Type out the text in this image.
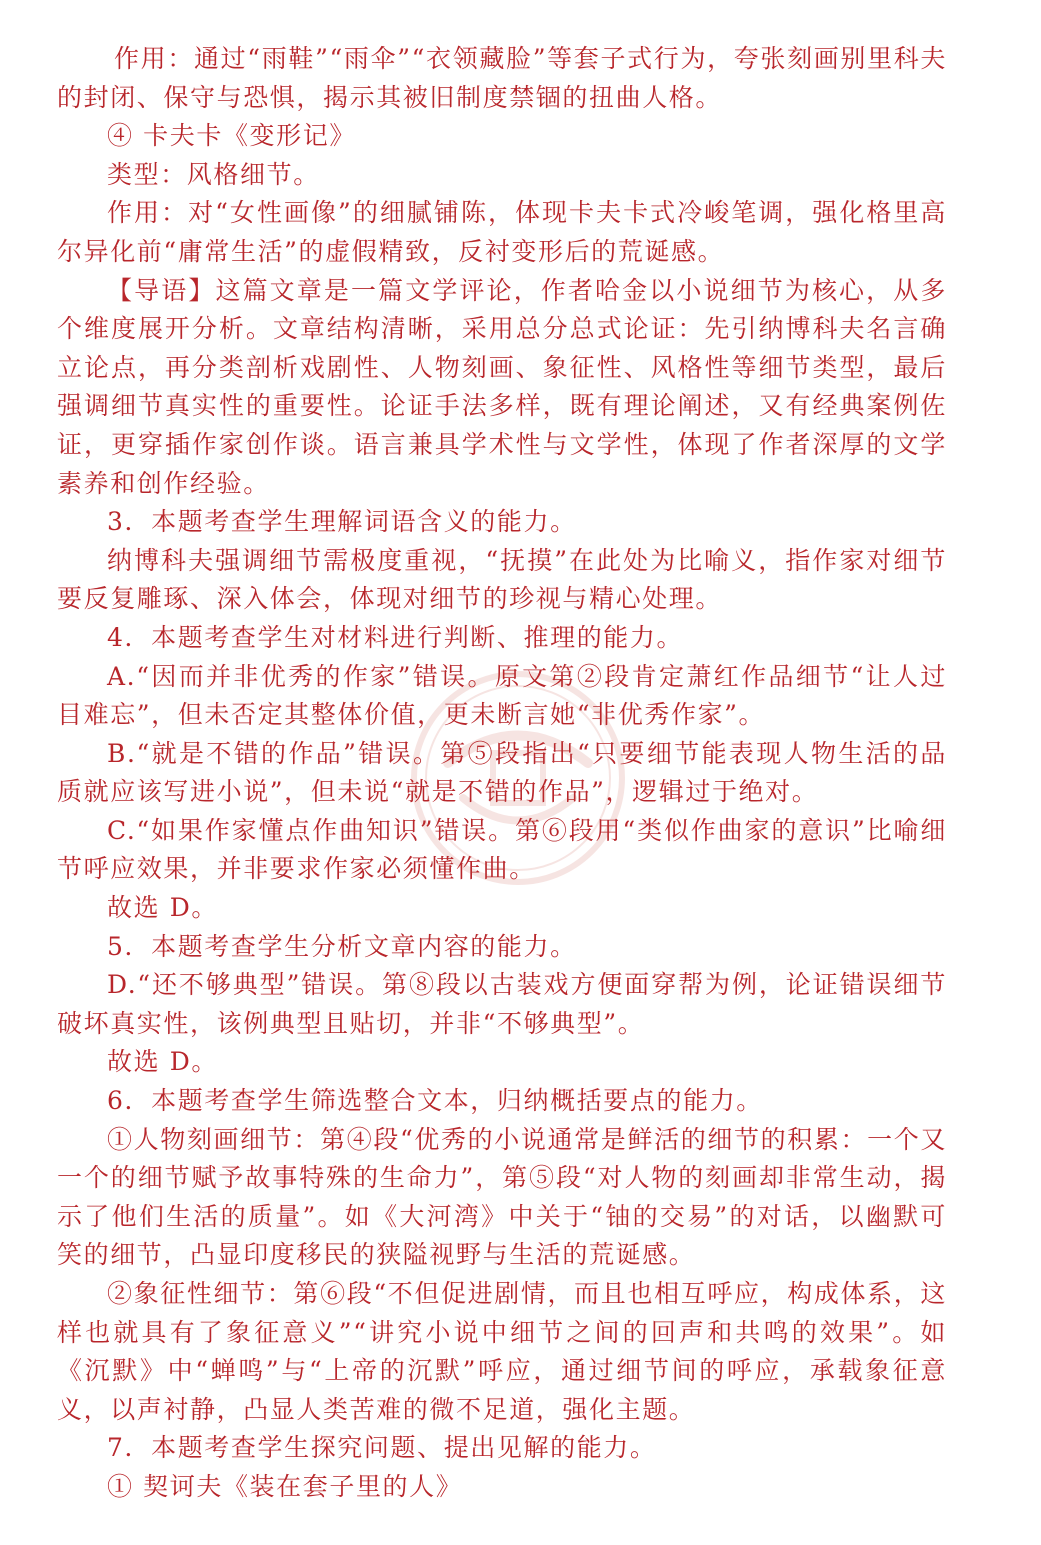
作用：通过“雨鞋”“雨伞”“衣领藏脸”等套子式行为，夸张刻画别里科夫的封闭、保守与恐惧，揭示其被旧制度禁锢的扭曲人格。

④ 卡夫卡《变形记》

类型：风格细节。

作用：对“女性画像”的细腻铺陈，体现卡夫卡式冷峻笔调，强化格里高尔异化前“庸常生活”的虚假精致，反衬变形后的荒诞感。

【导语】这篇文章是一篇文学评论，作者哈金以小说细节为核心，从多个维度展开分析。文章结构清晰，采用总分总式论证：先引纳博科夫名言确立论点，再分类剖析戏剧性、人物刻画、象征性、风格性等细节类型，最后强调细节真实性的重要性。论证手法多样，既有理论阐述，又有经典案例佐证，更穿插作家创作谈。语言兼具学术性与文学性，体现了作者深厚的文学素养和创作经验。

3．本题考查学生理解词语含义的能力。

纳博科夫强调细节需极度重视，“抚摸”在此处为比喻义，指作家对细节要反复雕琢、深入体会，体现对细节的珍视与精心处理。

4．本题考查学生对材料进行判断、推理的能力。

A.“因而并非优秀的作家”错误。原文第②段肯定萧红作品细节“让人过目难忘”，但未否定其整体价值，更未断言她“非优秀作家”。

B.“就是不错的作品”错误。第⑤段指出“只要细节能表现人物生活的品质就应该写进小说”，但未说“就是不错的作品”，逻辑过于绝对。

C.“如果作家懂点作曲知识”错误。第⑥段用“类似作曲家的意识”比喻细节呼应效果，并非要求作家必须懂作曲。

故选 D。

5．本题考查学生分析文章内容的能力。

D.“还不够典型”错误。第⑧段以古装戏方便面穿帮为例，论证错误细节破坏真实性，该例典型且贴切，并非“不够典型”。

故选 D。

6．本题考查学生筛选整合文本，归纳概括要点的能力。

①人物刻画细节：第④段“优秀的小说通常是鲜活的细节的积累：一个又一个的细节赋予故事特殊的生命力”，第⑤段“对人物的刻画却非常生动，揭示了他们生活的质量”。如《大河湾》中关于“铀的交易”的对话，以幽默可笑的细节，凸显印度移民的狭隘视野与生活的荒诞感。

②象征性细节：第⑥段“不但促进剧情，而且也相互呼应，构成体系，这样也就具有了象征意义”“讲究小说中细节之间的回声和共鸣的效果”。如《沉默》中“蝉鸣”与“上帝的沉默”呼应，通过细节间的呼应，承载象征意义，以声衬静，凸显人类苦难的微不足道，强化主题。

7．本题考查学生探究问题、提出见解的能力。

① 契诃夫《装在套子里的人》
